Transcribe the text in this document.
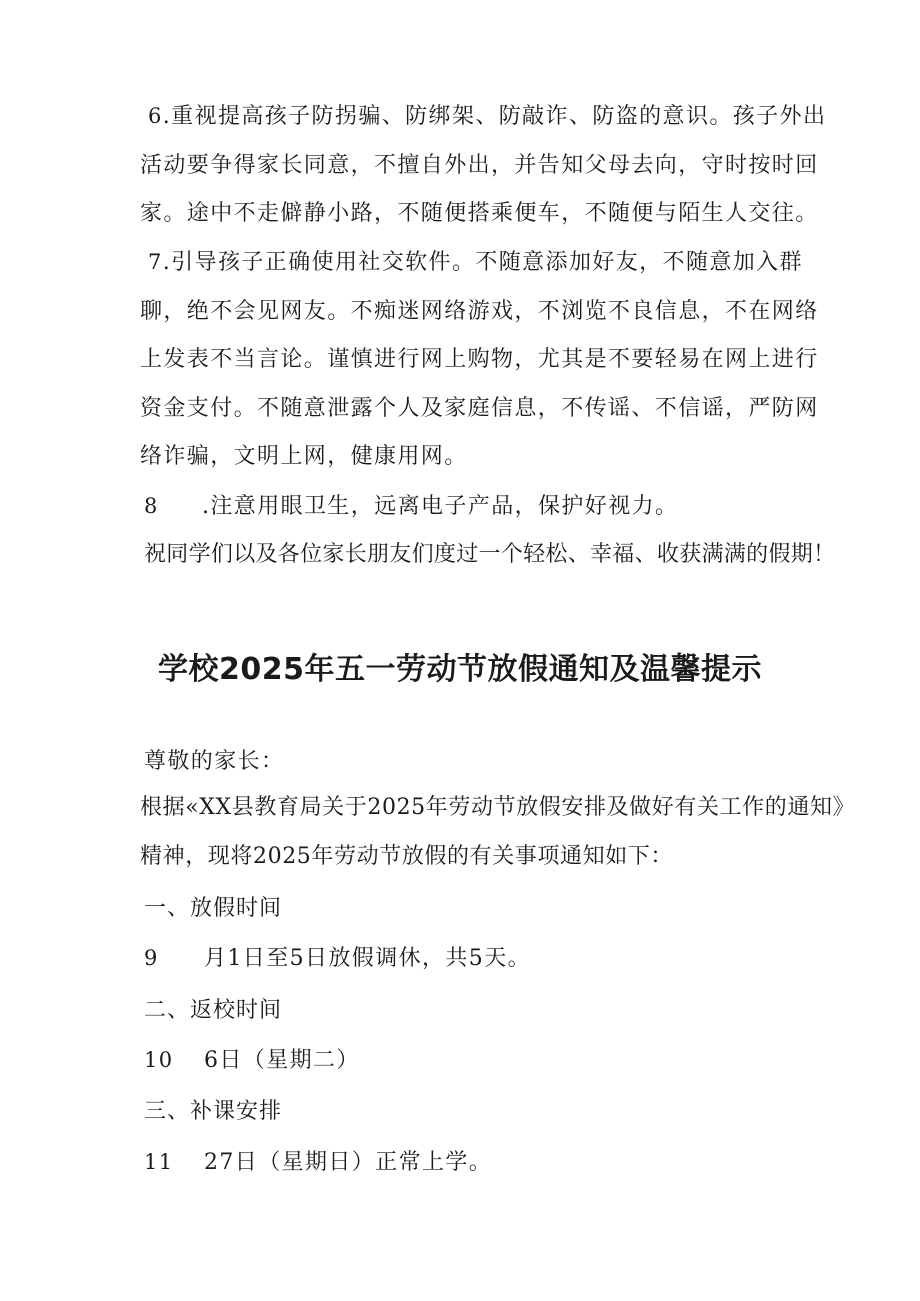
6.重视提高孩子防拐骗、防绑架、防敲诈、防盗的意识。孩子外出活动要争得家长同意，不擅自外出，并告知父母去向，守时按时回家。途中不走僻静小路，不随便搭乘便车，不随便与陌生人交往。

7.引导孩子正确使用社交软件。不随意添加好友，不随意加入群聊，绝不会见网友。不痴迷网络游戏，不浏览不良信息，不在网络上发表不当言论。谨慎进行网上购物，尤其是不要轻易在网上进行资金支付。不随意泄露个人及家庭信息，不传谣、不信谣，严防网络诈骗，文明上网，健康用网。

8 .注意用眼卫生，远离电子产品，保护好视力。

祝同学们以及各位家长朋友们度过一个轻松、幸福、收获满满的假期！

学校2025年五一劳动节放假通知及温馨提示

尊敬的家长：

根据«XX县教育局关于2025年劳动节放假安排及做好有关工作的通知》精神，现将2025年劳动节放假的有关事项通知如下：

一、放假时间

9 月1日至5日放假调休，共5天。

二、返校时间

10 6日（星期二）

三、补课安排

11 27日（星期日）正常上学。
